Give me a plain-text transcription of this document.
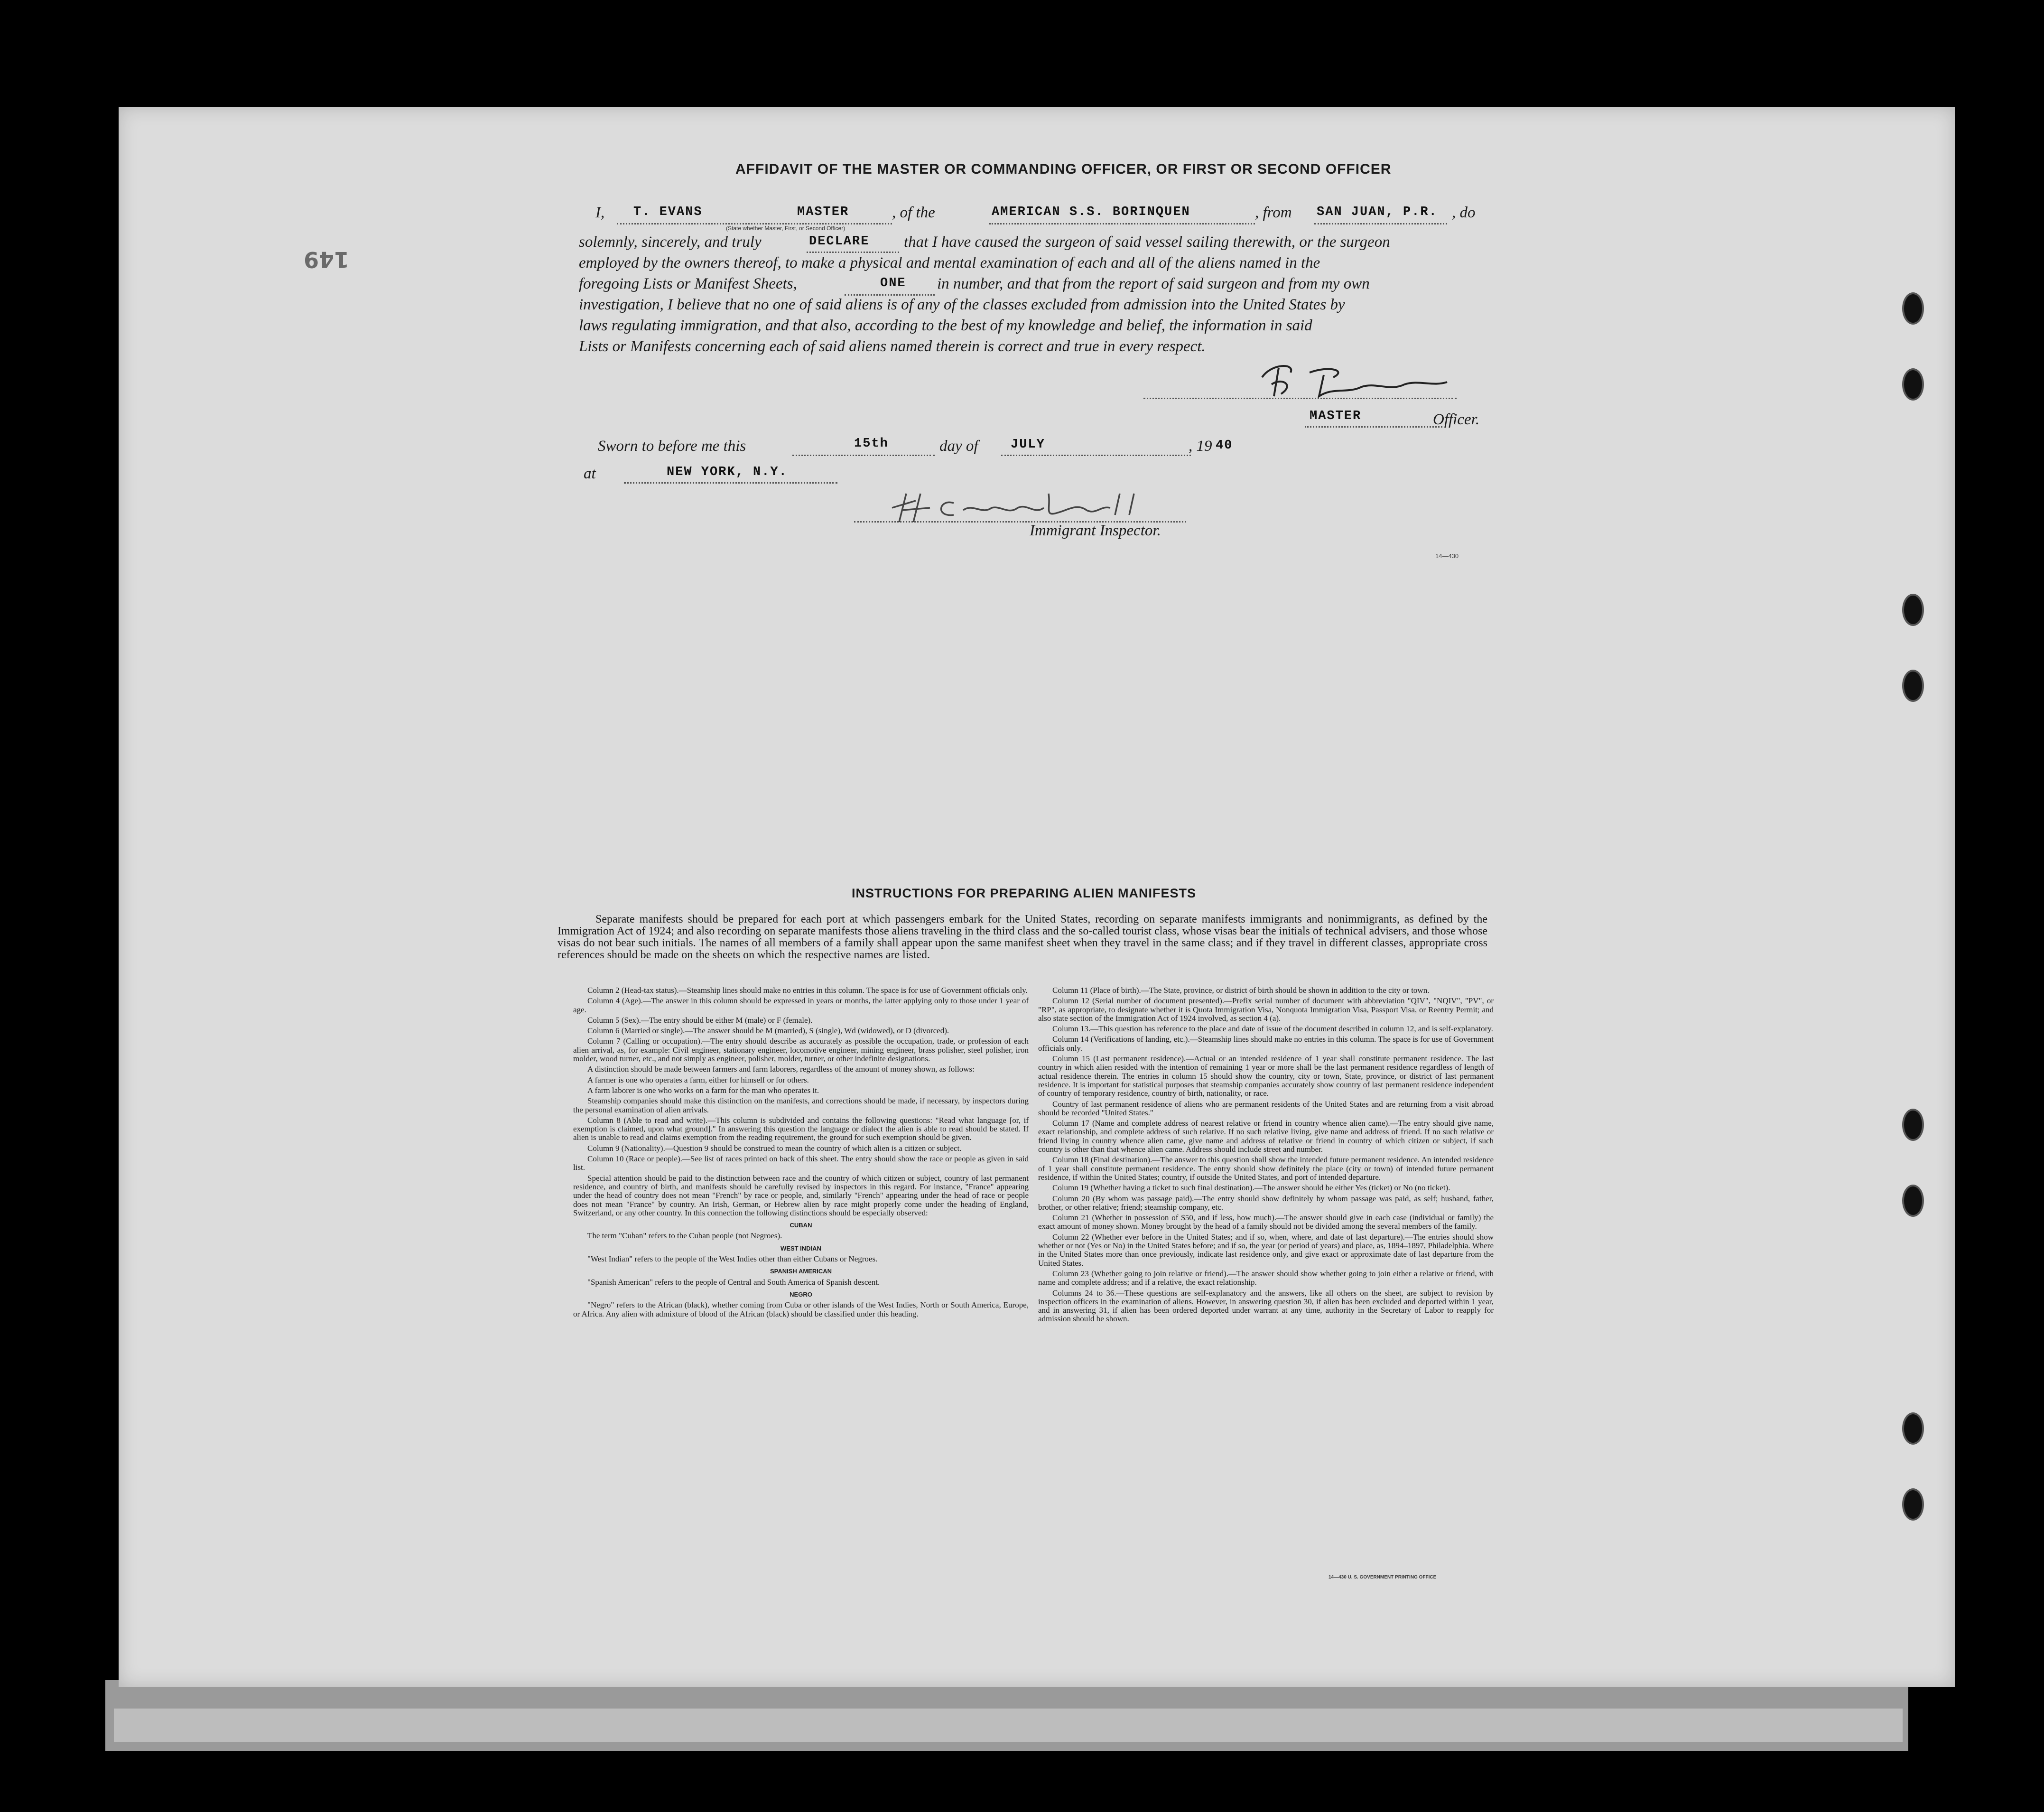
149
AFFIDAVIT OF THE MASTER OR COMMANDING OFFICER, OR FIRST OR SECOND OFFICER
I, T. EVANS	MASTER
(State whether Master, First, or Second Officer)
, of the	AMERICAN S.S. BORINQUEN	, from SAN JUAN, P.R. , do
solemnly, sincerely, and truly	DECLARE that I have caused the surgeon of said vessel sailing therewith, or the surgeon
employed by the owners thereof, to make a physical and mental examination of each and all of the aliens named in the
foregoing Lists or Manifest Sheets,	ONE in number, and that from the report of said surgeon and from my own
investigation, I believe that no one of said aliens is of any of the classes excluded from admission into the United States by
laws regulating immigration, and that also, according to the best of my knowledge and belief, the information in said
Lists or Manifests concerning each of said aliens named therein is correct and true in every respect.
MASTER	Officer.
Sworn to before me this	15th	day of	JULY	, 19 40
at	NEW YORK, N.Y.
Immigrant Inspector.
14—430
INSTRUCTIONS FOR PREPARING ALIEN MANIFESTS
Separate manifests should be prepared for each port at which passengers embark for the United States, recording on separate manifests immigrants and nonimmigrants, as defined by the Immigration Act of 1924; and also recording on separate manifests those aliens traveling in the third class and the so-called tourist class, whose visas bear the initials of technical advisers, and those whose visas do not bear such initials. The names of all members of a family shall appear upon the same manifest sheet when they travel in the same class; and if they travel in different classes, appropriate cross references should be made on the sheets on which the respective names are listed.

Column 2 (Head-tax status).—Steamship lines should make no entries in this column. The space is for use of Government officials only.

Column 4 (Age).—The answer in this column should be expressed in years or months, the latter applying only to those under 1 year of age.

Column 5 (Sex).—The entry should be either M (male) or F (female).

Column 6 (Married or single).—The answer should be M (married), S (single), Wd (widowed), or D (divorced).

Column 7 (Calling or occupation).—The entry should describe as accurately as possible the occupation, trade, or profession of each alien arrival, as, for example: Civil engineer, stationary engineer, locomotive engineer, mining engineer, brass polisher, steel polisher, iron molder, wood turner, etc., and not simply as engineer, polisher, molder, turner, or other indefinite designations.

A distinction should be made between farmers and farm laborers, regardless of the amount of money shown, as follows:

A farmer is one who operates a farm, either for himself or for others.

A farm laborer is one who works on a farm for the man who operates it.

Steamship companies should make this distinction on the manifests, and corrections should be made, if necessary, by inspectors during the personal examination of alien arrivals.

Column 8 (Able to read and write).—This column is subdivided and contains the following questions: "Read what language [or, if exemption is claimed, upon what ground]." In answering this question the language or dialect the alien is able to read should be stated. If alien is unable to read and claims exemption from the reading requirement, the ground for such exemption should be given.

Column 9 (Nationality).—Question 9 should be construed to mean the country of which alien is a citizen or subject.

Column 10 (Race or people).—See list of races printed on back of this sheet. The entry should show the race or people as given in said list.

Special attention should be paid to the distinction between race and the country of which citizen or subject, country of last permanent residence, and country of birth, and manifests should be carefully revised by inspectors in this regard. For instance, "France" appearing under the head of country does not mean "French" by race or people, and, similarly "French" appearing under the head of race or people does not mean "France" by country. An Irish, German, or Hebrew alien by race might properly come under the heading of England, Switzerland, or any other country. In this connection the following distinctions should be especially observed:

CUBAN

The term "Cuban" refers to the Cuban people (not Negroes).

WEST INDIAN

"West Indian" refers to the people of the West Indies other than either Cubans or Negroes.

SPANISH AMERICAN

"Spanish American" refers to the people of Central and South America of Spanish descent.

NEGRO

"Negro" refers to the African (black), whether coming from Cuba or other islands of the West Indies, North or South America, Europe, or Africa. Any alien with admixture of blood of the African (black) should be classified under this heading.

Column 11 (Place of birth).—The State, province, or district of birth should be shown in addition to the city or town.

Column 12 (Serial number of document presented).—Prefix serial number of document with abbreviation "QIV", "NQIV", "PV", or "RP", as appropriate, to designate whether it is Quota Immigration Visa, Nonquota Immigration Visa, Passport Visa, or Reentry Permit; and also state section of the Immigration Act of 1924 involved, as section 4 (a).

Column 13.—This question has reference to the place and date of issue of the document described in column 12, and is self-explanatory.

Column 14 (Verifications of landing, etc.).—Steamship lines should make no entries in this column. The space is for use of Government officials only.

Column 15 (Last permanent residence).—Actual or an intended residence of 1 year shall constitute permanent residence. The last country in which alien resided with the intention of remaining 1 year or more shall be the last permanent residence regardless of length of actual residence therein. The entries in column 15 should show the country, city or town, State, province, or district of last permanent residence. It is important for statistical purposes that steamship companies accurately show country of last permanent residence independent of country of temporary residence, country of birth, nationality, or race.

Country of last permanent residence of aliens who are permanent residents of the United States and are returning from a visit abroad should be recorded "United States."

Column 17 (Name and complete address of nearest relative or friend in country whence alien came).—The entry should give name, exact relationship, and complete address of such relative. If no such relative living, give name and address of friend. If no such relative or friend living in country whence alien came, give name and address of relative or friend in country of which citizen or subject, if such country is other than that whence alien came. Address should include street and number.

Column 18 (Final destination).—The answer to this question shall show the intended future permanent residence. An intended residence of 1 year shall constitute permanent residence. The entry should show definitely the place (city or town) of intended future permanent residence, if within the United States; country, if outside the United States, and port of intended departure.

Column 19 (Whether having a ticket to such final destination).—The answer should be either Yes (ticket) or No (no ticket).

Column 20 (By whom was passage paid).—The entry should show definitely by whom passage was paid, as self; husband, father, brother, or other relative; friend; steamship company, etc.

Column 21 (Whether in possession of $50, and if less, how much).—The answer should give in each case (individual or family) the exact amount of money shown. Money brought by the head of a family should not be divided among the several members of the family.

Column 22 (Whether ever before in the United States; and if so, when, where, and date of last departure).—The entries should show whether or not (Yes or No) in the United States before; and if so, the year (or period of years) and place, as, 1894–1897, Philadelphia. Where in the United States more than once previously, indicate last residence only, and give exact or approximate date of last departure from the United States.

Column 23 (Whether going to join relative or friend).—The answer should show whether going to join either a relative or friend, with name and complete address; and if a relative, the exact relationship.

Columns 24 to 36.—These questions are self-explanatory and the answers, like all others on the sheet, are subject to revision by inspection officers in the examination of aliens. However, in answering question 30, if alien has been excluded and deported within 1 year, and in answering 31, if alien has been ordered deported under warrant at any time, authority in the Secretary of Labor to reapply for admission should be shown.

14—430 U. S. GOVERNMENT PRINTING OFFICE
